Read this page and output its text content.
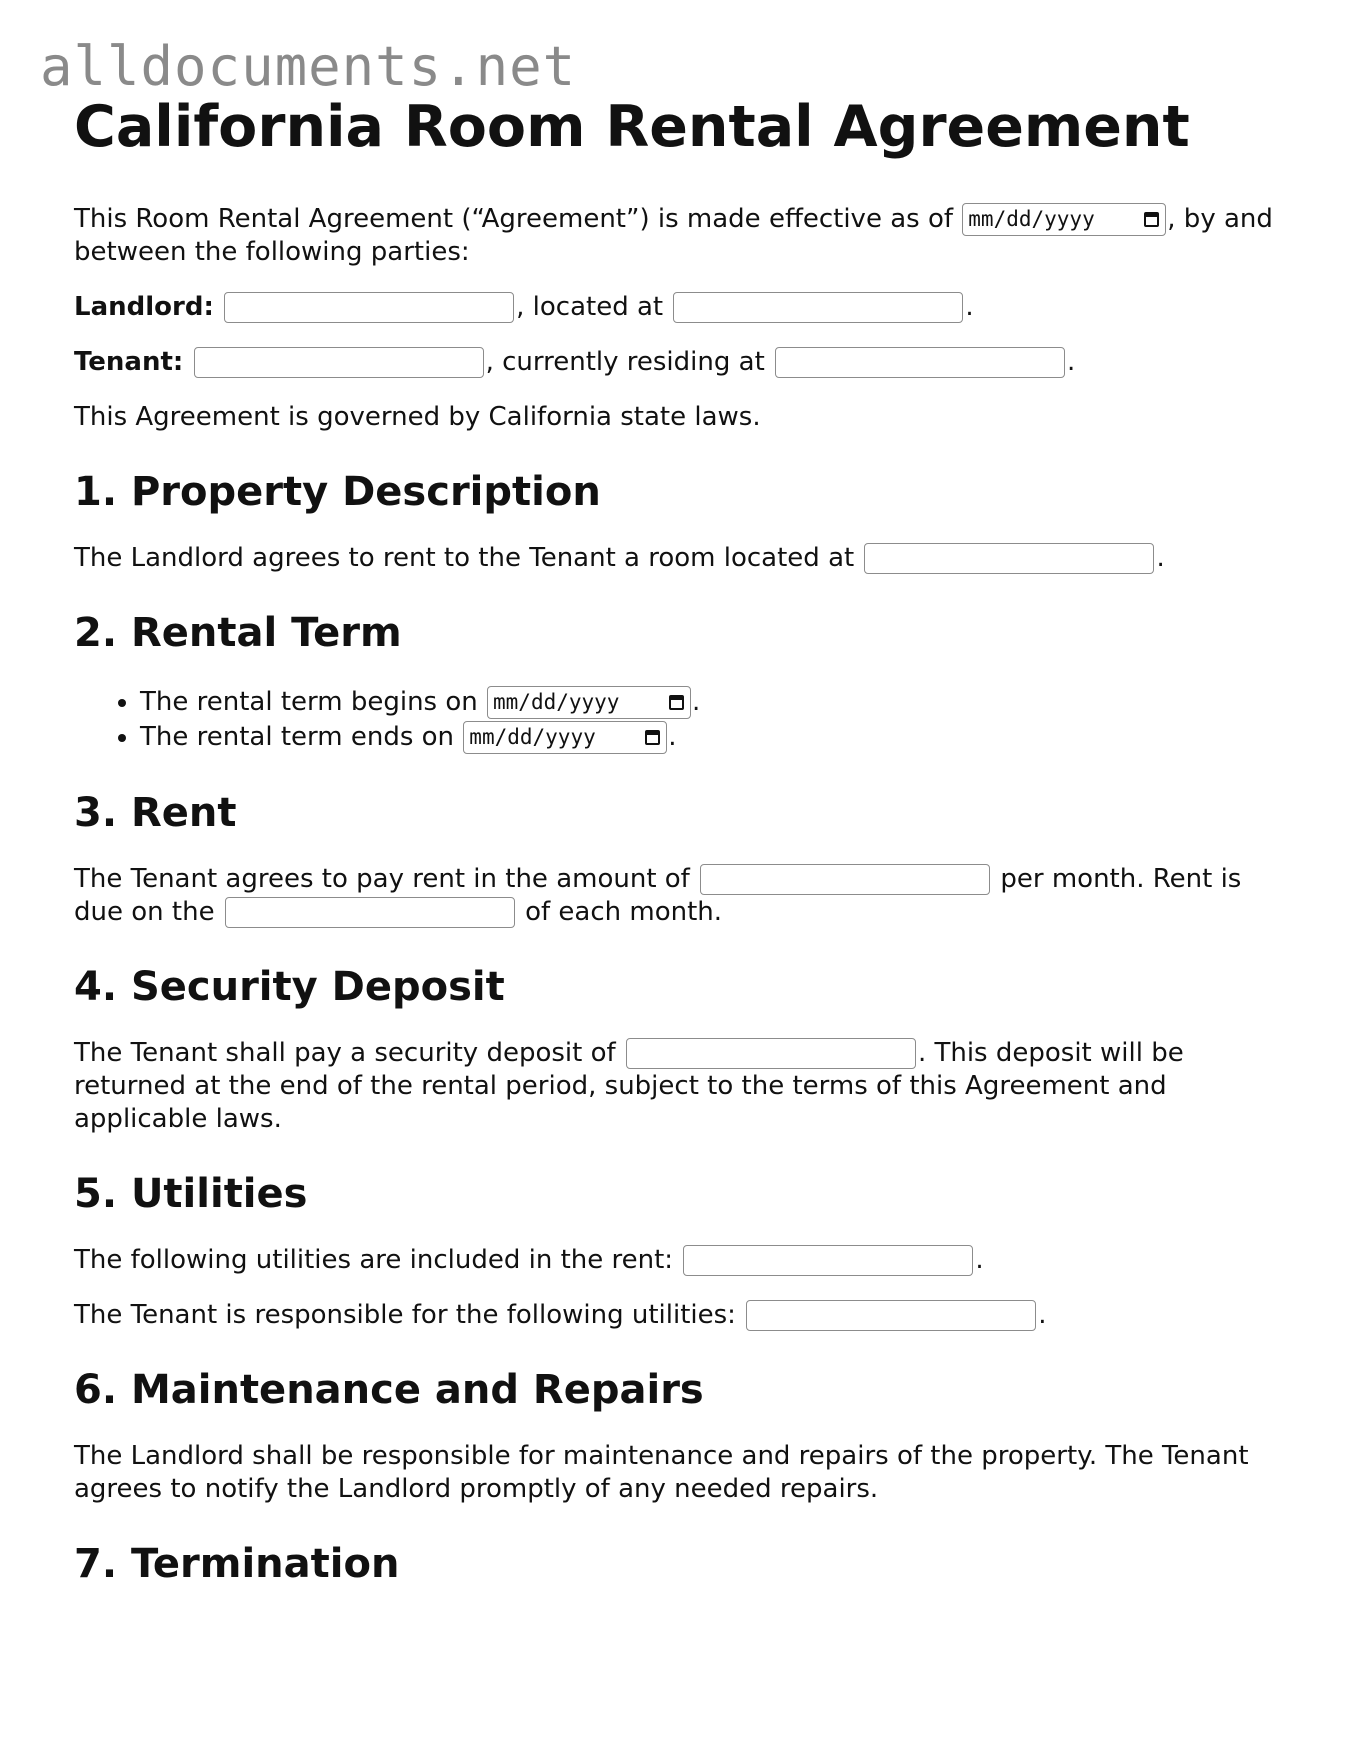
alldocuments.net
California Room Rental Agreement

This Room Rental Agreement (“Agreement”) is made effective as of mm/dd/yyyy	, by and between the following parties:

Landlord:	, located at	.

Tenant:	, currently residing at	.

This Agreement is governed by California state laws.

1. Property Description

The Landlord agrees to rent to the Tenant a room located at	.

2. Rental Term
• The rental term begins on mm/dd/yyyy	.
• The rental term ends on mm/dd/yyyy	.
3. Rent

The Tenant agrees to pay rent in the amount of	per month. Rent is due on the	of each month.

4. Security Deposit

The Tenant shall pay a security deposit of	. This deposit will be returned at the end of the rental period, subject to the terms of this Agreement and applicable laws.

5. Utilities

The following utilities are included in the rent:	.

The Tenant is responsible for the following utilities:	.

6. Maintenance and Repairs

The Landlord shall be responsible for maintenance and repairs of the property. The Tenant agrees to notify the Landlord promptly of any needed repairs.

7. Termination
